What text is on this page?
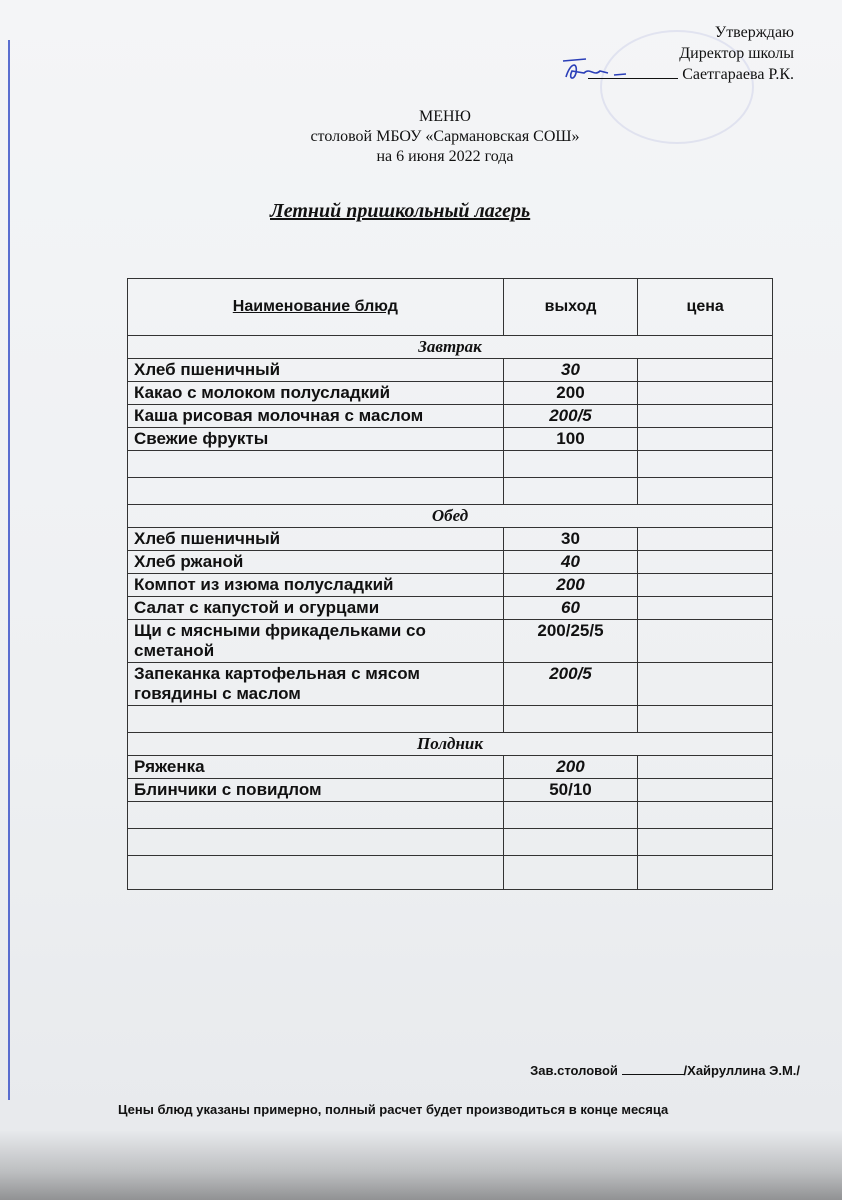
Утверждаю
Директор школы
Саетгараева Р.К.
МЕНЮ
столовой МБОУ «Сармановская СОШ»
на 6 июня 2022 года
Летний пришкольный лагерь
Наименование блюд	выход	цена
Завтрак		
Хлеб пшеничный	30	
Какао с молоком полусладкий	200	
Каша рисовая молочная с маслом	200/5	
Свежие фрукты	100	

Обед		
Хлеб пшеничный	30	
Хлеб ржаной	40	
Компот из изюма полусладкий	200	
Салат с капустой и огурцами	60	
Щи с мясными фрикадельками со сметаной	200/25/5	
Запеканка картофельная с мясом говядины с маслом	200/5	

Полдник		
Ряженка	200	
Блинчики с повидлом	50/10	

Зав.столовой	/Хайруллина Э.М./
Цены блюд указаны примерно, полный расчет будет производиться в конце месяца
